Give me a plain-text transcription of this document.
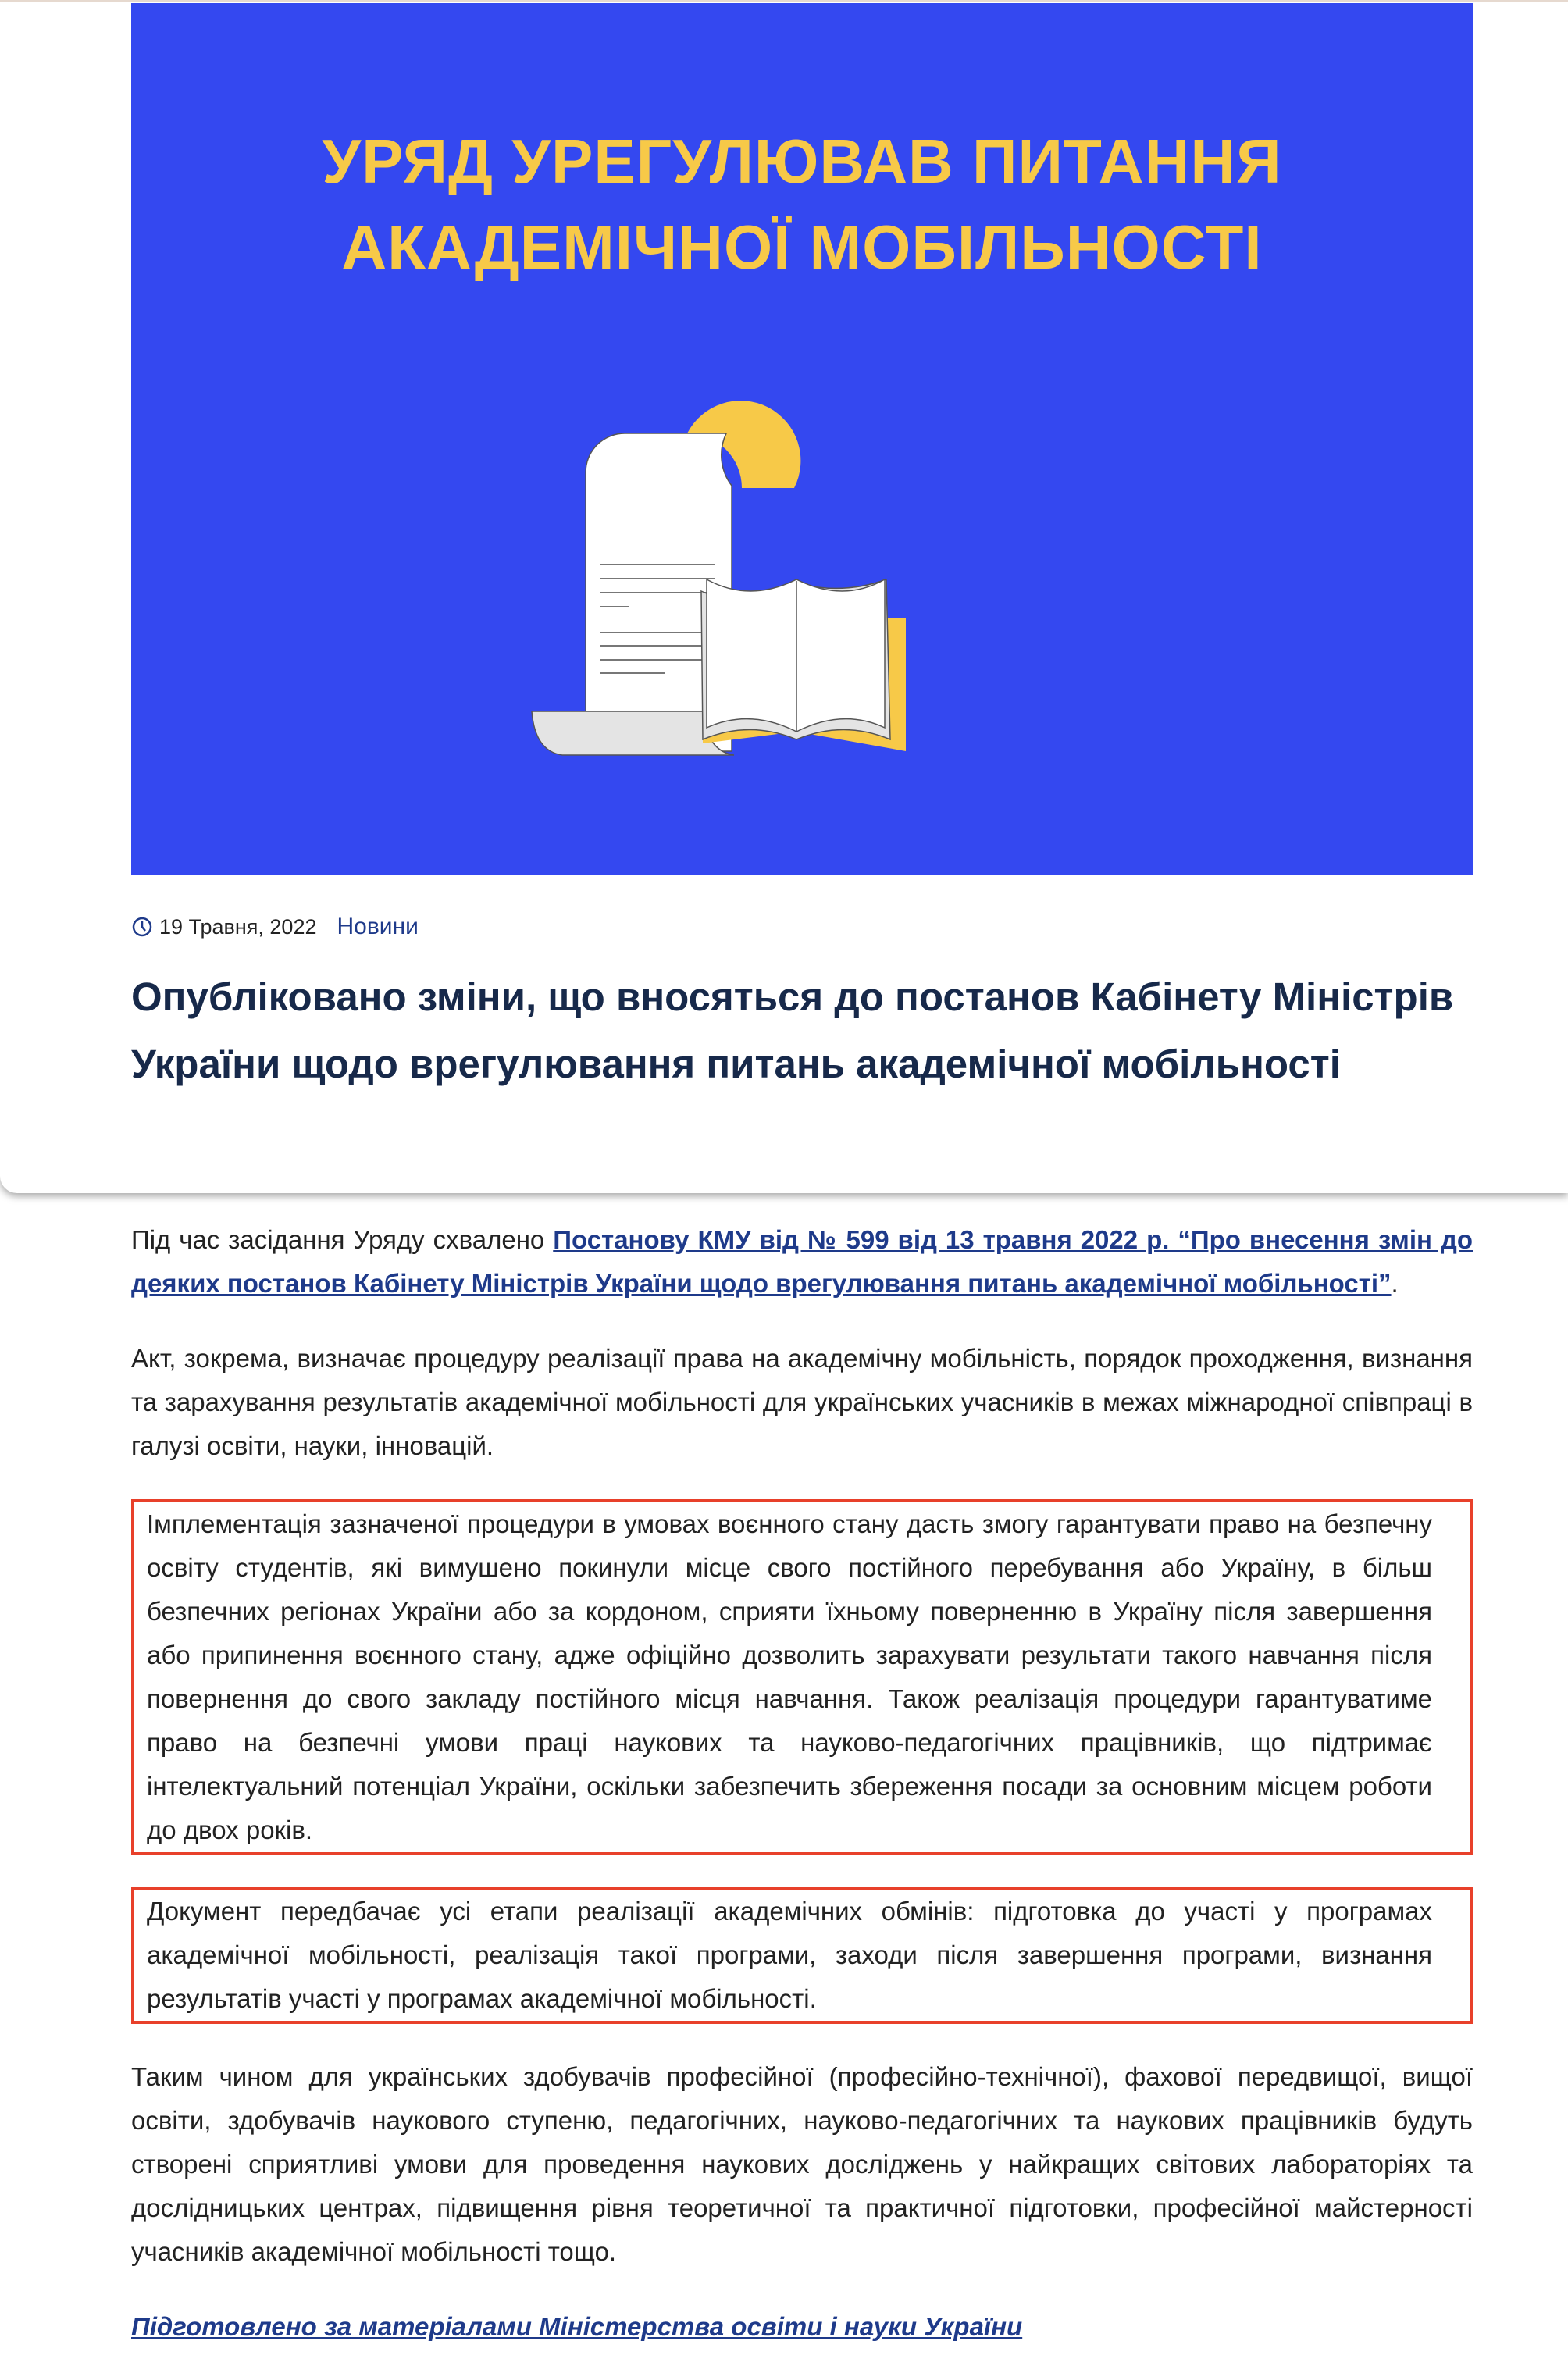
УРЯД УРЕГУЛЮВАВ ПИТАННЯ
АКАДЕМІЧНОЇ МОБІЛЬНОСТІ
19 Травня, 2022 Новини
Опубліковано зміни, що вносяться до постанов Кабінету Міністрів України щодо врегулювання питань академічної мобільності

Під час засідання Уряду схвалено Постанову КМУ від № 599 від 13 травня 2022 р. “Про внесення змін до деяких постанов Кабінету Міністрів України щодо врегулювання питань академічної мобільності”.

Акт, зокрема, визначає процедуру реалізації права на академічну мобільність, порядок проходження, визнання та зарахування результатів академічної мобільності для українських учасників в межах міжнародної співпраці в галузі освіти, науки, інновацій.

Імплементація зазначеної процедури в умовах воєнного стану дасть змогу гарантувати право на безпечну освіту студентів, які вимушено покинули місце свого постійного перебування або Україну, в більш безпечних регіонах України або за кордоном, сприяти їхньому поверненню в Україну після завершення або припинення воєнного стану, адже офіційно дозволить зарахувати результати такого навчання після повернення до свого закладу постійного місця навчання. Також реалізація процедури гарантуватиме право на безпечні умови праці наукових та науково-педагогічних працівників, що підтримає інтелектуальний потенціал України, оскільки забезпечить збереження посади за основним місцем роботи до двох років.

Документ передбачає усі етапи реалізації академічних обмінів: підготовка до участі у програмах академічної мобільності, реалізація такої програми, заходи після завершення програми, визнання результатів участі у програмах академічної мобільності.

Таким чином для українських здобувачів професійної (професійно-технічної), фахової передвищої, вищої освіти, здобувачів наукового ступеню, педагогічних, науково-педагогічних та наукових працівників будуть створені сприятливі умови для проведення наукових досліджень у найкращих світових лабораторіях та дослідницьких центрах, підвищення рівня теоретичної та практичної підготовки, професійної майстерності учасників академічної мобільності тощо.

Підготовлено за матеріалами Міністерства освіти і науки України
